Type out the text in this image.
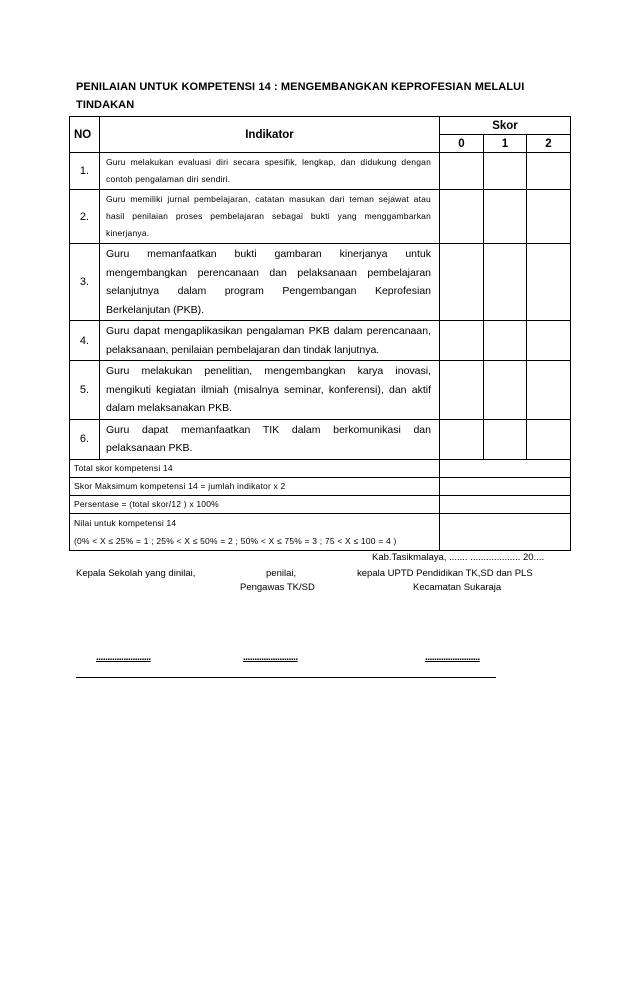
PENILAIAN UNTUK KOMPETENSI 14 : MENGEMBANGKAN KEPROFESIAN MELALUI TINDAKAN
NO	Indikator	Skor		
		0	1	2
1.	Guru melakukan evaluasi diri secara spesifik, lengkap, dan didukung dengan contoh pengalaman diri sendiri.			
2.	Guru memiliki jurnal pembelajaran, catatan masukan dari teman sejawat atau hasil penilaian proses pembelajaran sebagai bukti yang menggambarkan kinerjanya.			
3.	Guru memanfaatkan bukti gambaran kinerjanya untuk mengembangkan perencanaan dan pelaksanaan pembelajaran selanjutnya dalam program Pengembangan Keprofesian Berkelanjutan (PKB).			
4.	Guru dapat mengaplikasikan pengalaman PKB dalam perencanaan, pelaksanaan, penilaian pembelajaran dan tindak lanjutnya.			
5.	Guru melakukan penelitian, mengembangkan karya inovasi, mengikuti kegiatan ilmiah (misalnya seminar, konferensi), dan aktif dalam melaksanakan PKB.			
6.	Guru dapat memanfaatkan TIK dalam berkomunikasi dan pelaksanaan PKB.			
Total skor kompetensi 14				
Skor Maksimum kompetensi 14 = jumlah indikator x 2				
Persentase = (total skor/12 ) x 100%				

Nilai untuk kompetensi 14
(0% < X ≤ 25% = 1 ; 25% < X ≤ 50% = 2 ; 50% < X ≤ 75% = 3 ; 75 < X ≤ 100 = 4 )				

Kab.Tasikmalaya, ....... ................... 20....
Kepala Sekolah yang dinilai,	penilai,
Pengawas TK/SD
kepala UPTD Pendidikan TK,SD dan PLS
Kecamatan Sukaraja
........................	........................	........................
